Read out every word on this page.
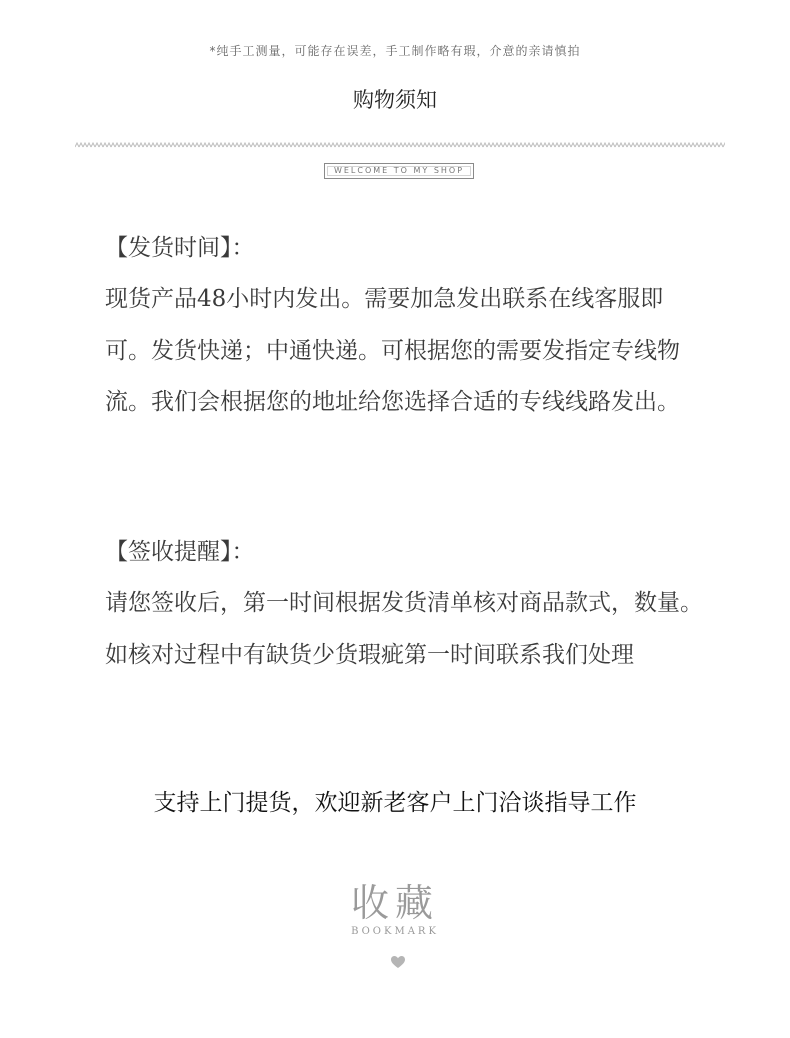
*纯手工测量，可能存在误差，手工制作略有瑕，介意的亲请慎拍
购物须知
WELCOME TO MY SHOP
【发货时间】：
现货产品48小时内发出。需要加急发出联系在线客服即可。发货快递；中通快递。可根据您的需要发指定专线物流。我们会根据您的地址给您选择合适的专线线路发出。
【签收提醒】：
请您签收后，第一时间根据发货清单核对商品款式，数量。如核对过程中有缺货少货瑕疵第一时间联系我们处理
支持上门提货，欢迎新老客户上门洽谈指导工作
收藏
BOOKMARK
